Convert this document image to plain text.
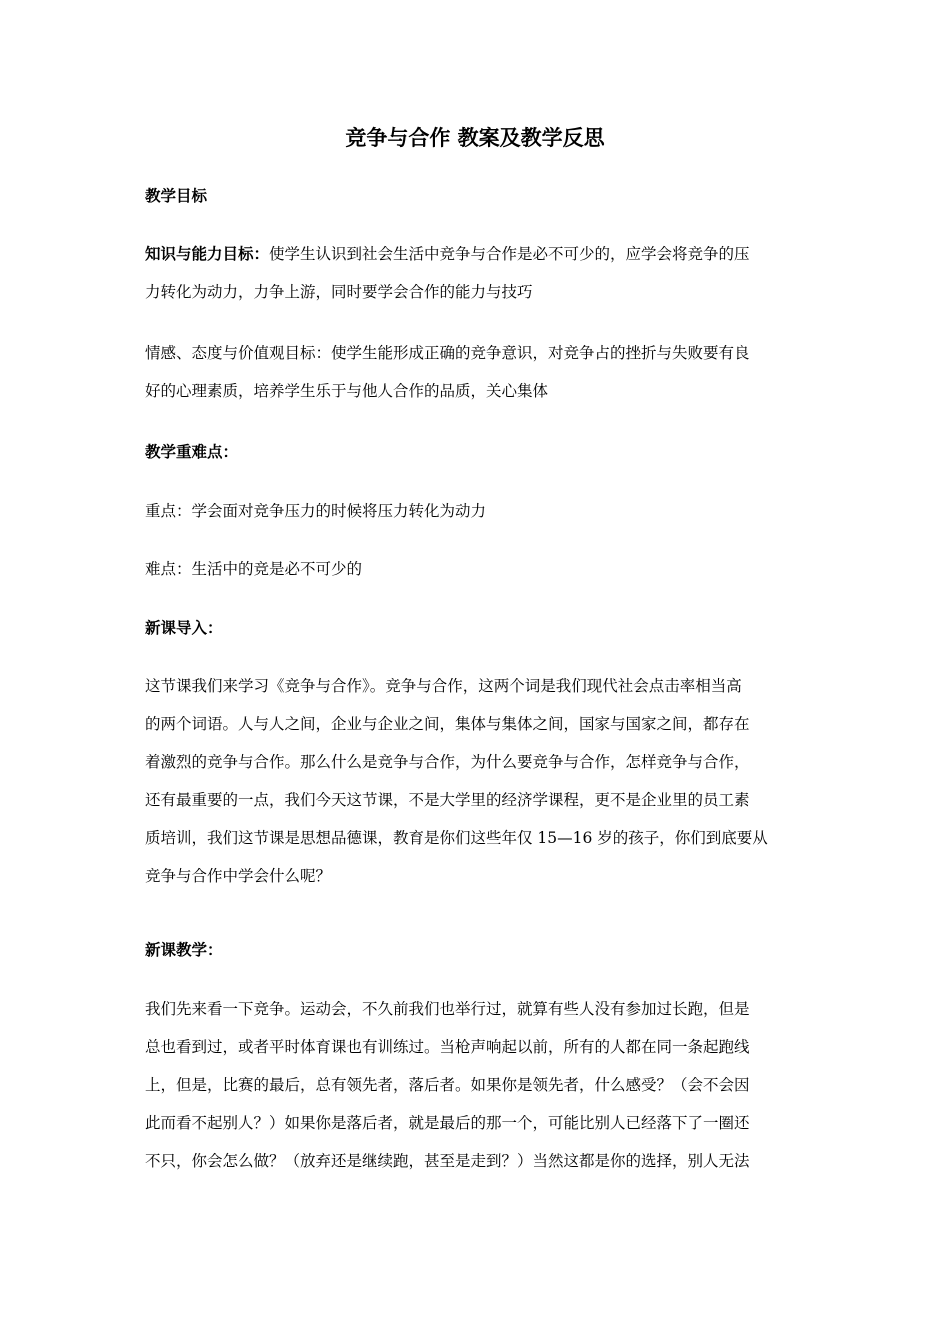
竞争与合作 教案及教学反思
教学目标
知识与能力目标：使学生认识到社会生活中竞争与合作是必不可少的，应学会将竞争的压
力转化为动力，力争上游，同时要学会合作的能力与技巧
情感、态度与价值观目标：使学生能形成正确的竞争意识，对竞争占的挫折与失败要有良
好的心理素质，培养学生乐于与他人合作的品质，关心集体
教学重难点：
重点：学会面对竞争压力的时候将压力转化为动力
难点：生活中的竞是必不可少的
新课导入：
这节课我们来学习《竞争与合作》。竞争与合作，这两个词是我们现代社会点击率相当高
的两个词语。人与人之间，企业与企业之间，集体与集体之间，国家与国家之间，都存在
着激烈的竞争与合作。那么什么是竞争与合作，为什么要竞争与合作，怎样竞争与合作，
还有最重要的一点，我们今天这节课，不是大学里的经济学课程，更不是企业里的员工素
质培训，我们这节课是思想品德课，教育是你们这些年仅 15—16 岁的孩子，你们到底要从
竞争与合作中学会什么呢？
新课教学：
我们先来看一下竞争。运动会，不久前我们也举行过，就算有些人没有参加过长跑，但是
总也看到过，或者平时体育课也有训练过。当枪声响起以前，所有的人都在同一条起跑线
上，但是，比赛的最后，总有领先者，落后者。如果你是领先者，什么感受？（会不会因
此而看不起别人？）如果你是落后者，就是最后的那一个，可能比别人已经落下了一圈还
不只，你会怎么做？（放弃还是继续跑，甚至是走到？）当然这都是你的选择，别人无法
